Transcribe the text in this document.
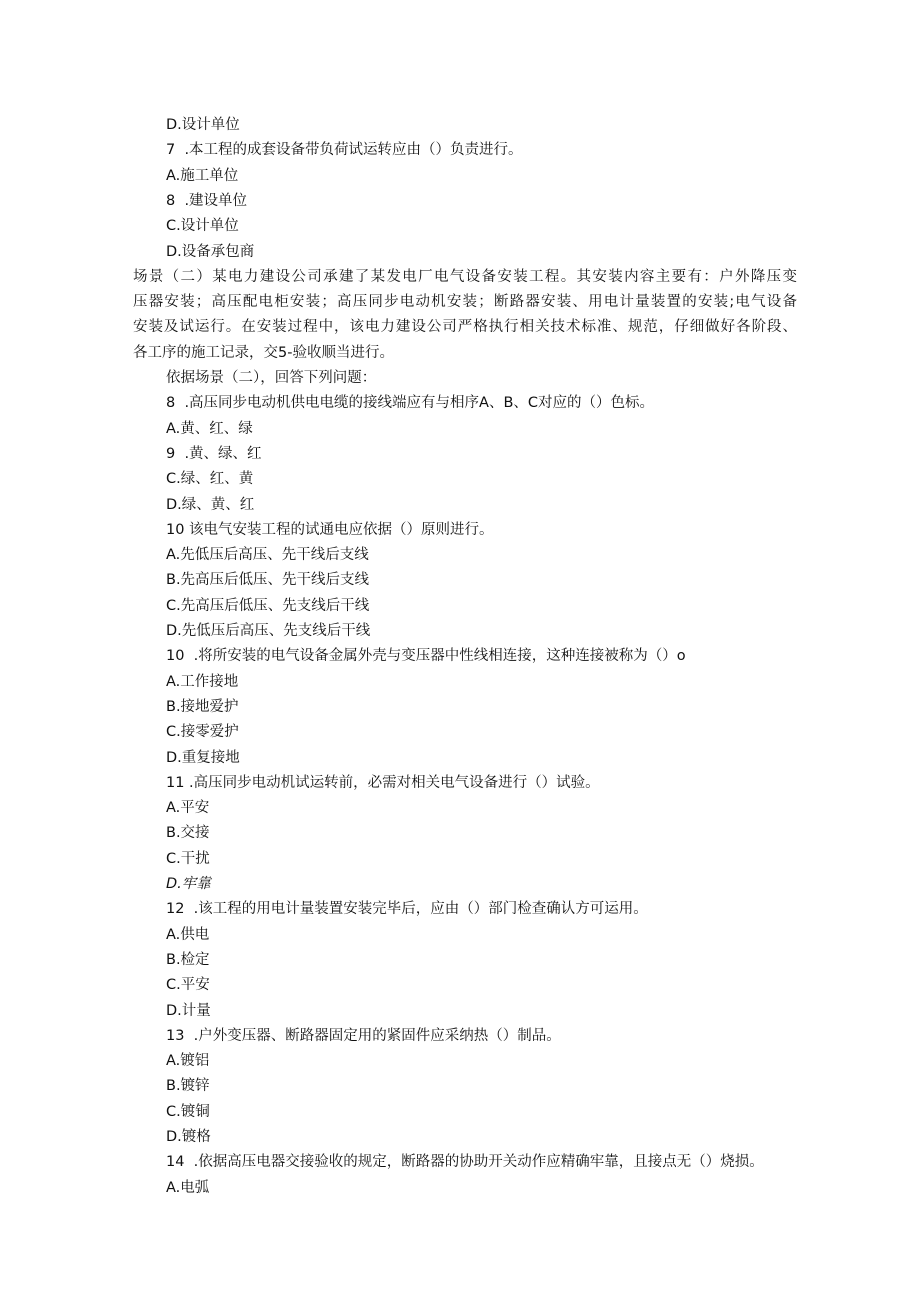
D.设计单位
7  .本工程的成套设备带负荷试运转应由（）负责进行。
A.施工单位
8  .建设单位
C.设计单位
D.设备承包商
场景（二）某电力建设公司承建了某发电厂电气设备安装工程。其安装内容主要有：户外降压变
压器安装；高压配电柜安装；高压同步电动机安装；断路器安装、用电计量装置的安装;电气设备
安装及试运行。在安装过程中，该电力建设公司严格执行相关技术标准、规范，仔细做好各阶段、
各工序的施工记录，交5-验收顺当进行。
依据场景（二），回答下列问题：
8  .高压同步电动机供电电缆的接线端应有与相序A、B、C对应的（）色标。
A.黄、红、绿
9  .黄、绿、红
C.绿、红、黄
D.绿、黄、红
10 该电气安装工程的试通电应依据（）原则进行。
A.先低压后高压、先干线后支线
B.先高压后低压、先干线后支线
C.先高压后低压、先支线后干线
D.先低压后高压、先支线后干线
10  .将所安装的电气设备金属外壳与变压器中性线相连接，这种连接被称为（）o
A.工作接地
B.接地爱护
C.接零爱护
D.重复接地
11 .高压同步电动机试运转前，必需对相关电气设备进行（）试验。
A.平安
B.交接
C.干扰
D.牢靠
12  .该工程的用电计量装置安装完毕后，应由（）部门检查确认方可运用。
A.供电
B.检定
C.平安
D.计量
13  .户外变压器、断路器固定用的紧固件应采纳热（）制品。
A.镀铝
B.镀锌
C.镀铜
D.镀格
14  .依据高压电器交接验收的规定，断路器的协助开关动作应精确牢靠，且接点无（）烧损。
A.电弧
